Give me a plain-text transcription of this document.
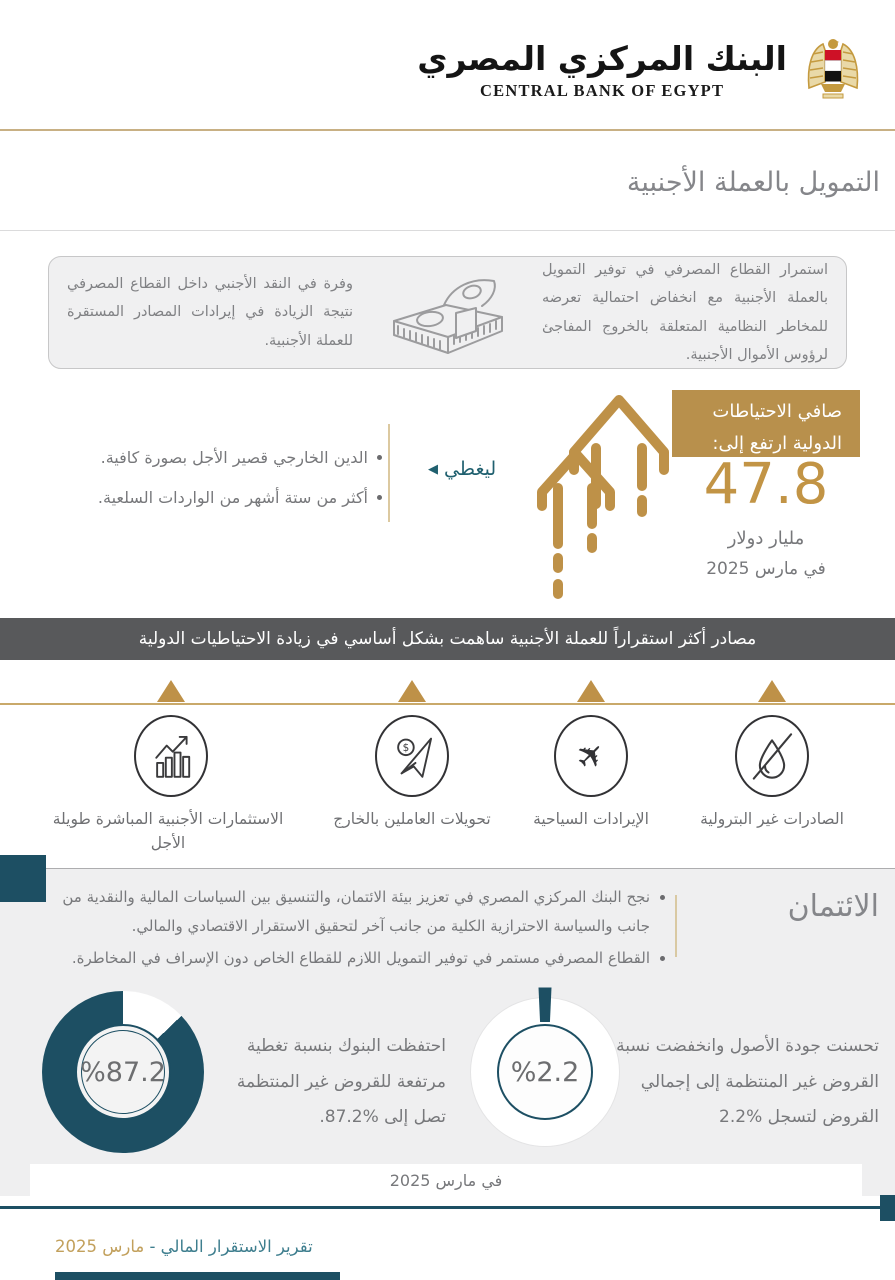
البنك المركزي المصري
CENTRAL BANK OF EGYPT
التمويل بالعملة الأجنبية
استمرار القطاع المصرفي في توفير التمويل بالعملة الأجنبية مع انخفاض احتمالية تعرضه للمخاطر النظامية المتعلقة بالخروج المفاجئ لرؤوس الأموال الأجنبية.
وفرة في النقد الأجنبي داخل القطاع المصرفي نتيجة الزيادة في إيرادات المصادر المستقرة للعملة الأجنبية.
صافي الاحتياطات
الدولية ارتفع إلى:
47.8
مليار دولار
في مارس 2025
ليغطي ◀
الدين الخارجي قصير الأجل بصورة كافية.
أكثر من ستة أشهر من الواردات السلعية.
مصادر أكثر استقراراً للعملة الأجنبية ساهمت بشكل أساسي في زيادة الاحتياطيات الدولية
✈
$
الصادرات غير البترولية
الإيرادات السياحية
تحويلات العاملين بالخارج
الاستثمارات الأجنبية المباشرة طويلة الأجل
الائتمان
نجح البنك المركزي المصري في تعزيز بيئة الائتمان، والتنسيق بين السياسات المالية والنقدية من جانب والسياسة الاحترازية الكلية من جانب آخر لتحقيق الاستقرار الاقتصادي والمالي.
القطاع المصرفي مستمر في توفير التمويل اللازم للقطاع الخاص دون الإسراف في المخاطرة.
تحسنت جودة الأصول وانخفضت نسبة القروض غير المنتظمة إلى إجمالي القروض لتسجل %2.2
%2.2
احتفظت البنوك بنسبة تغطية مرتفعة للقروض غير المنتظمة تصل إلى %87.2.
%87.2
في مارس 2025
تقرير الاستقرار المالي - مارس 2025
